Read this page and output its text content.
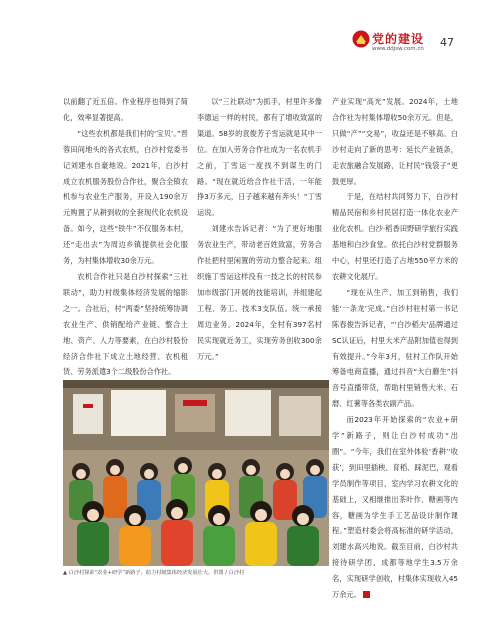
党的建设
www.ddjsw.com.cn 47

以前翻了近五倍。作业程序也得到了简化，效率显著提高。

“这些农机都是我们村的‘宝贝’。”晋蓉田间地头的各式农机，白沙村党委书记刘建水自豪地说。2021年，白沙村成立农机服务股份合作社，聚合全镇农机参与农业生产服务，开设入190余万元购置了从耕到收的全套现代化农机设备。如今，这些“铁牛”不仅服务本村，还“走出去”为周边乡镇提供社会化服务，为村集体增收30余万元。

农机合作社只是白沙村探索“三社联动”，助力村级集体经济发展的缩影之一。合社后，村“两委”坚持统筹协调农业生产、供销配给产业链、整合土地、资产、人力等要素，在白沙村股份经济合作社下成立土地经营、农机租赁、劳务派遣3个二级股份合作社。

以“三社联动”为抓手，村里许多像李德运一样的村民，都有了增收致富的渠道。58岁的袁俊芳子雪运就是其中一位。在加入劳务合作社成为一名农机手之前，丁雪运一度找不到谋生的门路。“现在就近给合作社干活，一年能挣3万多元，日子越来越有奔头！”丁雪运说。

刘建水告诉记者：“为了更好地服务农业生产，带动老百姓致富，劳务合作社把村里闲置的劳动力整合起来。组织施丁雪运这样没有一技之长的村民参加市级部门开展的技能培训，并组建起工程、务工、技术3支队伍。统一承接周边业务。2024年，全村有397名村民实现就近务工，实现劳务创收300余万元。”

产业实现“高光”发展。2024年，土地合作社为村集体增收50余万元。但是，只做“产”“交易”，收益还是不够高。白沙村走向了新的思考：延长产业链条，走农旅融合发展路，让村民“钱袋子”更鼓更厚。

于是，在结村共同努力下，白沙村精品民宿和乡村民居打造一体化农业产业化农机。白沙·稻香田野研学旅行实践基地和白沙食堂。依托白沙村党群服务中心，村里还打造了占地550平方米的农耕文化展厅。

“现在从生产、加工到销售，我们能‘一条龙’完成。”白沙村驻村第一书记陈春俊告诉记者，“‘白沙稻夫’品牌通过SC认证后，村里大米产品附加值也得到有效提升。”今年3月，驻村工作队开始筹备电商直播，通过抖音“大白蘑生”抖音号直播带货，帮助村里销售大米、石磨、红薯等各类农副产品。

而2023年开始探索的“农业+研学”新路子，则让白沙村成功“出圈”。“今年，我们在室外体验‘香耕’‘收获’，到田里插秧、育稻、踩泥巴，观看学员制作等项目，室内学习农耕文化的基础上，又相继推出茶叶作、糖画等内容，糖画为学生手工艺品设计制作课程。”塑造村委会将高标准的研学活动，刘建水高兴地说。截至目前，白沙村共接待研学团、成都等地学生3.5万余名，实现研学创收，村集体实现收入45万余元。

▲ 白沙村探索“农业+研学”新路子，助力村级集体经济发展壮大。供图 / 白沙村
